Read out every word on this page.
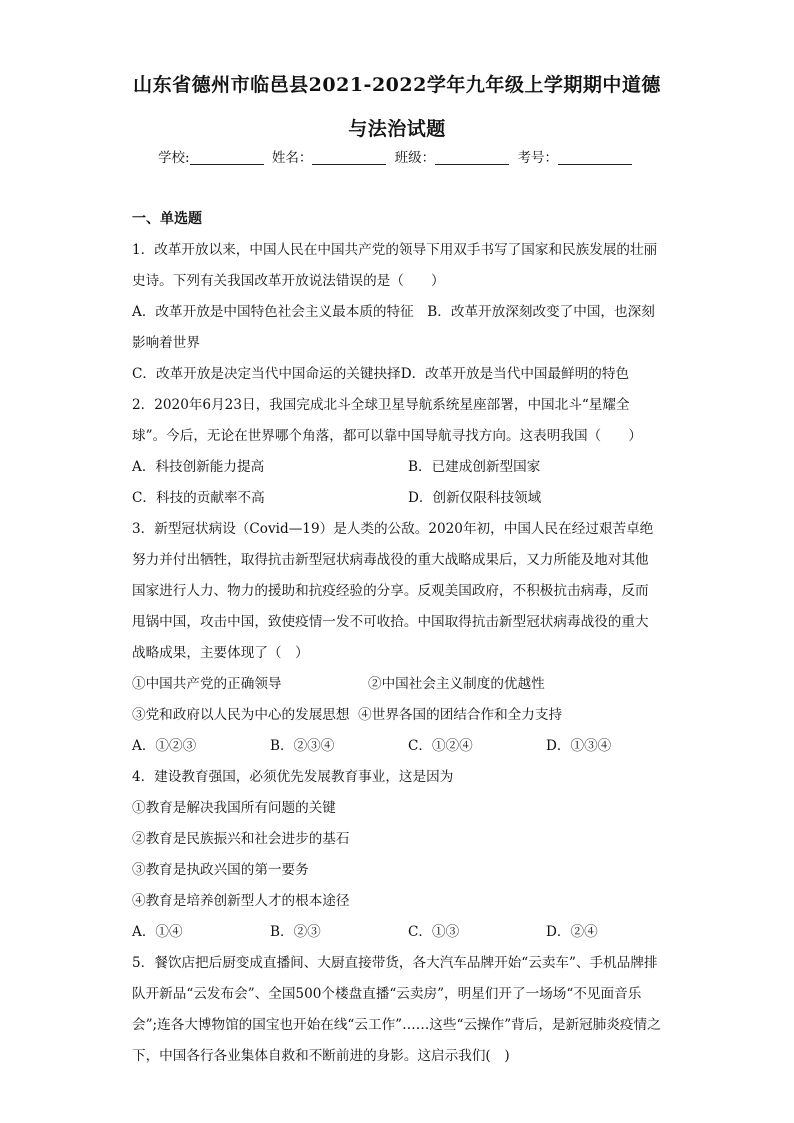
山东省德州市临邑县2021-2022学年九年级上学期期中道德
与法治试题
学校:	姓名：	班级：	考号：

一、单选题

1．改革开放以来，中国人民在中国共产党的领导下用双手书写了国家和民族发展的壮丽史诗。下列有关我国改革开放说法错误的是（　　）

A．改革开放是中国特色社会主义最本质的特征　 B．改革开放深刻改变了中国，也深刻影响着世界

C．改革开放是决定当代中国命运的关键抉择D．改革开放是当代中国最鲜明的特色

2．2020年6月23日，我国完成北斗全球卫星导航系统星座部署，中国北斗“星耀全球”。今后，无论在世界哪个角落，都可以靠中国导航寻找方向。这表明我国（　　）

A．科技创新能力提高	B．已建成创新型国家
C．科技的贡献率不高	D．创新仅限科技领域

3．新型冠状病设（Covid—19）是人类的公敌。2020年初，中国人民在经过艰苦卓绝努力并付出牺牲，取得抗击新型冠状病毒战役的重大战略成果后，又力所能及地对其他国家进行人力、物力的援助和抗疫经验的分享。反观美国政府，不积极抗击病毒，反而甩锅中国，攻击中国，致使疫情一发不可收拾。中国取得抗击新型冠状病毒战役的重大战略成果，主要体现了（　）

①中国共产党的正确领导	②中国社会主义制度的优越性

③党和政府以人民为中心的发展思想 ④世界各国的团结合作和全力支持

A．①②③	B．②③④	C．①②④	D．①③④

4．建设教育强国，必须优先发展教育事业，这是因为

①教育是解决我国所有问题的关键

②教育是民族振兴和社会进步的基石

③教育是执政兴国的第一要务

④教育是培养创新型人才的根本途径

A．①④	B．②③	C．①③	D．②④

5．餐饮店把后厨变成直播间、大厨直接带货，各大汽车品牌开始“云卖车”、手机品牌排队开新品“云发布会”、全国500个楼盘直播“云卖房”，明星们开了一场场“不见面音乐会”;连各大博物馆的国宝也开始在线“云工作”……这些“云操作”背后，是新冠肺炎疫情之下，中国各行各业集体自救和不断前进的身影。这启示我们(　)
